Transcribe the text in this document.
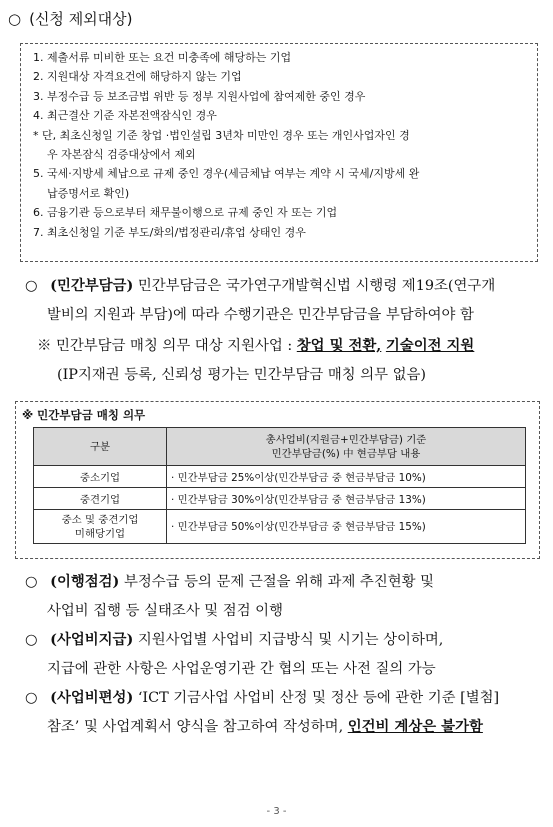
○ (신청 제외대상)
1. 제출서류 미비한 또는 요건 미충족에 해당하는 기업
2. 지원대상 자격요건에 해당하지 않는 기업
3. 부정수급 등 보조금법 위반 등 정부 지원사업에 참여제한 중인 경우
4. 최근결산 기준 자본전액잠식인 경우
* 단, 최초신청일 기준 창업 ·법인설립 3년차 미만인 경우 또는 개인사업자인 경
우 자본잠식 검증대상에서 제외
5. 국세·지방세 체납으로 규제 중인 경우(세금체납 여부는 계약 시 국세/지방세 완
납증명서로 확인)
6. 금융기관 등으로부터 채무불이행으로 규제 중인 자 또는 기업
7. 최초신청일 기준 부도/화의/법정관리/휴업 상태인 경우
○ (민간부담금) 민간부담금은 국가연구개발혁신법 시행령 제19조(연구개
발비의 지원과 부담)에 따라 수행기관은 민간부담금을 부담하여야 함
※ 민간부담금 매칭 의무 대상 지원사업 : 창업 및 전환, 기술이전 지원
(IP지재권 등록, 신뢰성 평가는 민간부담금 매칭 의무 없음)
※ 민간부담금 매칭 의무
구분	총사업비(지원금+민간부담금) 기준
민간부담금(%) 中 현금부담 내용

중소기업	· 민간부담금 25%이상(민간부담금 중 현금부담금 10%)
중견기업	· 민간부담금 30%이상(민간부담금 중 현금부담금 13%)

중소 및 중견기업
미해당기업	· 민간부담금 50%이상(민간부담금 중 현금부담금 15%)
○ (이행점검) 부정수급 등의 문제 근절을 위해 과제 추진현황 및
사업비 집행 등 실태조사 및 점검 이행
○ (사업비지급) 지원사업별 사업비 지급방식 및 시기는 상이하며,
지급에 관한 사항은 사업운영기관 간 협의 또는 사전 질의 가능
○ (사업비편성) ‘ICT 기금사업 사업비 산정 및 정산 등에 관한 기준 [별첨]
참조’ 및 사업계획서 양식을 참고하여 작성하며, 인건비 계상은 불가함
- 3 -
